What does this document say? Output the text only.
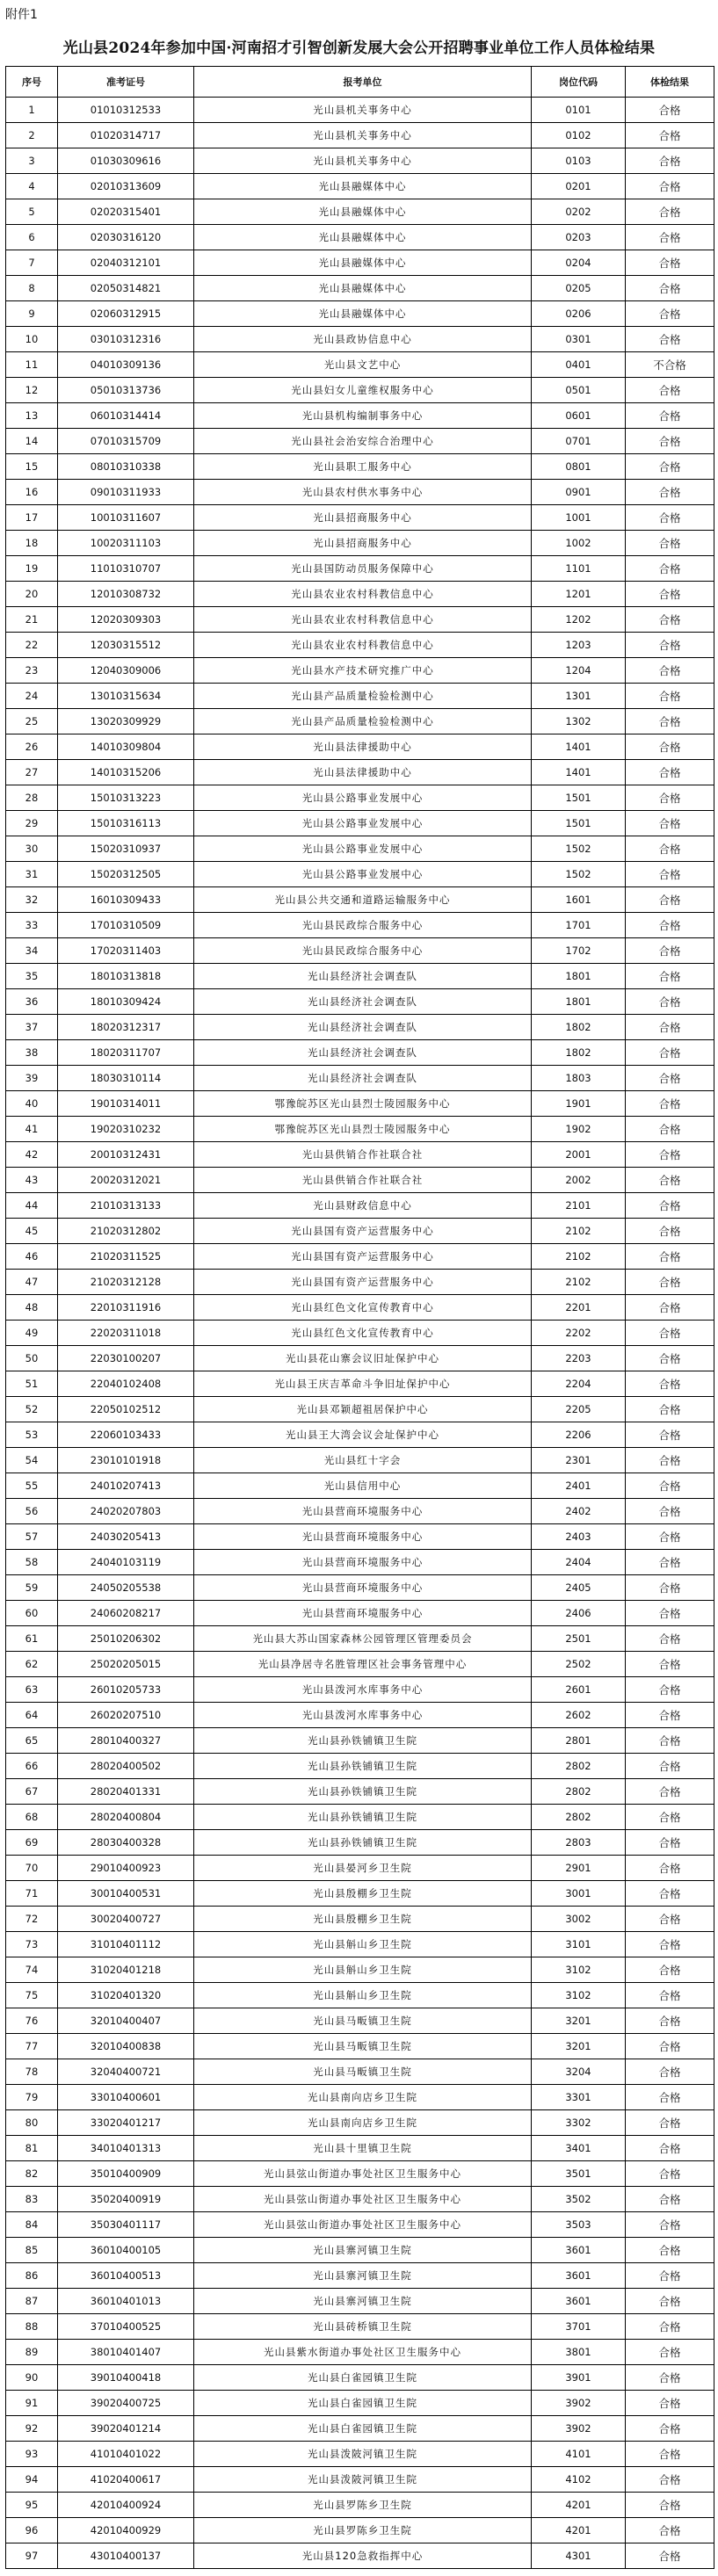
附件1
光山县2024年参加中国·河南招才引智创新发展大会公开招聘事业单位工作人员体检结果
序号	准考证号	报考单位	岗位代码	体检结果
1	01010312533	光山县机关事务中心	0101	合格
2	01020314717	光山县机关事务中心	0102	合格
3	01030309616	光山县机关事务中心	0103	合格
4	02010313609	光山县融媒体中心	0201	合格
5	02020315401	光山县融媒体中心	0202	合格
6	02030316120	光山县融媒体中心	0203	合格
7	02040312101	光山县融媒体中心	0204	合格
8	02050314821	光山县融媒体中心	0205	合格
9	02060312915	光山县融媒体中心	0206	合格
10	03010312316	光山县政协信息中心	0301	合格
11	04010309136	光山县文艺中心	0401	不合格
12	05010313736	光山县妇女儿童维权服务中心	0501	合格
13	06010314414	光山县机构编制事务中心	0601	合格
14	07010315709	光山县社会治安综合治理中心	0701	合格
15	08010310338	光山县职工服务中心	0801	合格
16	09010311933	光山县农村供水事务中心	0901	合格
17	10010311607	光山县招商服务中心	1001	合格
18	10020311103	光山县招商服务中心	1002	合格
19	11010310707	光山县国防动员服务保障中心	1101	合格
20	12010308732	光山县农业农村科教信息中心	1201	合格
21	12020309303	光山县农业农村科教信息中心	1202	合格
22	12030315512	光山县农业农村科教信息中心	1203	合格
23	12040309006	光山县水产技术研究推广中心	1204	合格
24	13010315634	光山县产品质量检验检测中心	1301	合格
25	13020309929	光山县产品质量检验检测中心	1302	合格
26	14010309804	光山县法律援助中心	1401	合格
27	14010315206	光山县法律援助中心	1401	合格
28	15010313223	光山县公路事业发展中心	1501	合格
29	15010316113	光山县公路事业发展中心	1501	合格
30	15020310937	光山县公路事业发展中心	1502	合格
31	15020312505	光山县公路事业发展中心	1502	合格
32	16010309433	光山县公共交通和道路运输服务中心	1601	合格
33	17010310509	光山县民政综合服务中心	1701	合格
34	17020311403	光山县民政综合服务中心	1702	合格
35	18010313818	光山县经济社会调查队	1801	合格
36	18010309424	光山县经济社会调查队	1801	合格
37	18020312317	光山县经济社会调查队	1802	合格
38	18020311707	光山县经济社会调查队	1802	合格
39	18030310114	光山县经济社会调查队	1803	合格
40	19010314011	鄂豫皖苏区光山县烈士陵园服务中心	1901	合格
41	19020310232	鄂豫皖苏区光山县烈士陵园服务中心	1902	合格
42	20010312431	光山县供销合作社联合社	2001	合格
43	20020312021	光山县供销合作社联合社	2002	合格
44	21010313133	光山县财政信息中心	2101	合格
45	21020312802	光山县国有资产运营服务中心	2102	合格
46	21020311525	光山县国有资产运营服务中心	2102	合格
47	21020312128	光山县国有资产运营服务中心	2102	合格
48	22010311916	光山县红色文化宣传教育中心	2201	合格
49	22020311018	光山县红色文化宣传教育中心	2202	合格
50	22030100207	光山县花山寨会议旧址保护中心	2203	合格
51	22040102408	光山县王庆吉革命斗争旧址保护中心	2204	合格
52	22050102512	光山县邓颖超祖居保护中心	2205	合格
53	22060103433	光山县王大湾会议会址保护中心	2206	合格
54	23010101918	光山县红十字会	2301	合格
55	24010207413	光山县信用中心	2401	合格
56	24020207803	光山县营商环境服务中心	2402	合格
57	24030205413	光山县营商环境服务中心	2403	合格
58	24040103119	光山县营商环境服务中心	2404	合格
59	24050205538	光山县营商环境服务中心	2405	合格
60	24060208217	光山县营商环境服务中心	2406	合格
61	25010206302	光山县大苏山国家森林公园管理区管理委员会	2501	合格
62	25020205015	光山县净居寺名胜管理区社会事务管理中心	2502	合格
63	26010205733	光山县泼河水库事务中心	2601	合格
64	26020207510	光山县泼河水库事务中心	2602	合格
65	28010400327	光山县孙铁铺镇卫生院	2801	合格
66	28020400502	光山县孙铁铺镇卫生院	2802	合格
67	28020401331	光山县孙铁铺镇卫生院	2802	合格
68	28020400804	光山县孙铁铺镇卫生院	2802	合格
69	28030400328	光山县孙铁铺镇卫生院	2803	合格
70	29010400923	光山县晏河乡卫生院	2901	合格
71	30010400531	光山县殷棚乡卫生院	3001	合格
72	30020400727	光山县殷棚乡卫生院	3002	合格
73	31010401112	光山县斛山乡卫生院	3101	合格
74	31020401218	光山县斛山乡卫生院	3102	合格
75	31020401320	光山县斛山乡卫生院	3102	合格
76	32010400407	光山县马畈镇卫生院	3201	合格
77	32010400838	光山县马畈镇卫生院	3201	合格
78	32040400721	光山县马畈镇卫生院	3204	合格
79	33010400601	光山县南向店乡卫生院	3301	合格
80	33020401217	光山县南向店乡卫生院	3302	合格
81	34010401313	光山县十里镇卫生院	3401	合格
82	35010400909	光山县弦山街道办事处社区卫生服务中心	3501	合格
83	35020400919	光山县弦山街道办事处社区卫生服务中心	3502	合格
84	35030401117	光山县弦山街道办事处社区卫生服务中心	3503	合格
85	36010400105	光山县寨河镇卫生院	3601	合格
86	36010400513	光山县寨河镇卫生院	3601	合格
87	36010401013	光山县寨河镇卫生院	3601	合格
88	37010400525	光山县砖桥镇卫生院	3701	合格
89	38010401407	光山县紫水街道办事处社区卫生服务中心	3801	合格
90	39010400418	光山县白雀园镇卫生院	3901	合格
91	39020400725	光山县白雀园镇卫生院	3902	合格
92	39020401214	光山县白雀园镇卫生院	3902	合格
93	41010401022	光山县泼陂河镇卫生院	4101	合格
94	41020400617	光山县泼陂河镇卫生院	4102	合格
95	42010400924	光山县罗陈乡卫生院	4201	合格
96	42010400929	光山县罗陈乡卫生院	4201	合格
97	43010400137	光山县120急救指挥中心	4301	合格
